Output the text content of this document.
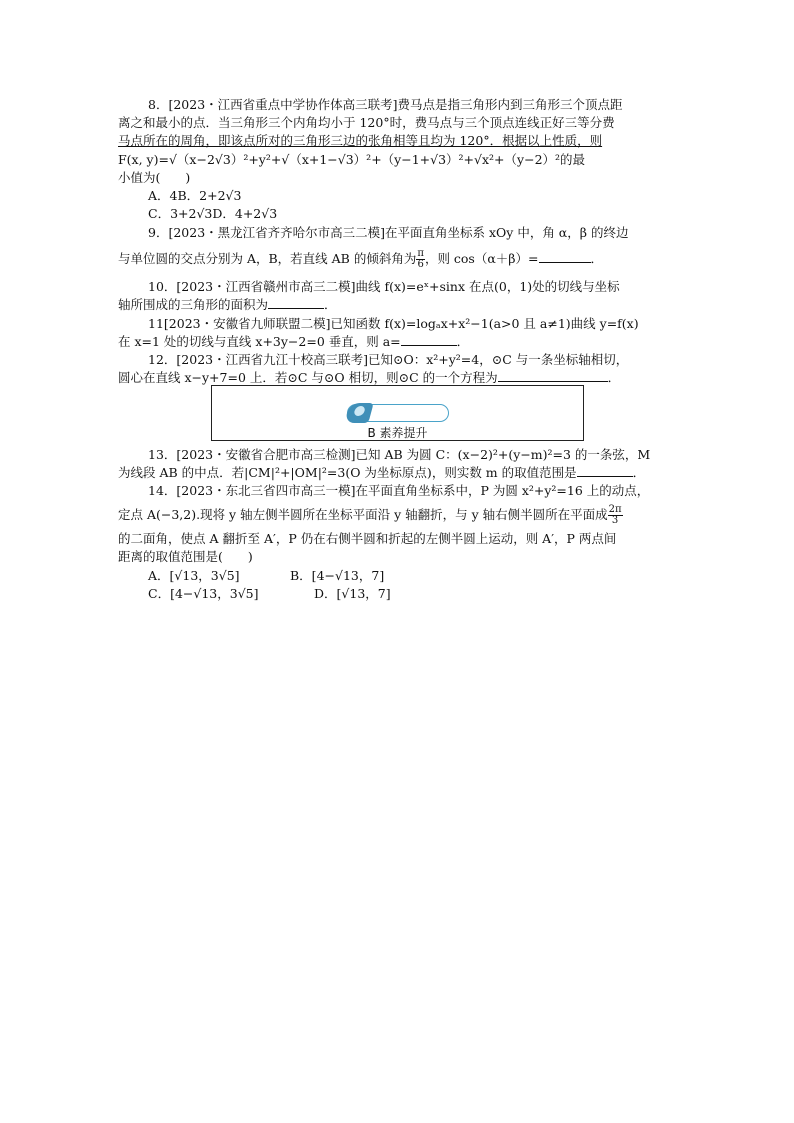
8．[2023・江西省重点中学协作体高三联考]费马点是指三角形内到三角形三个顶点距
离之和最小的点．当三角形三个内角均小于 120°时，费马点与三个顶点连线正好三等分费
马点所在的周角，即该点所对的三角形三边的张角相等且均为 120°．根据以上性质，则
F(x, y)=√（x−2√3）²+y²+√（x+1−√3）²+（y−1+√3）²+√x²+（y−2）²的最
小值为(　　)
A．4B．2+2√3
C．3+2√3D．4+2√3
9．[2023・黑龙江省齐齐哈尔市高三二模]在平面直角坐标系 xOy 中，角 α，β 的终边
与单位圆的交点分别为 A，B，若直线 AB 的倾斜角为 $\frac{\pi}{6}$ ，则 cos（α＋β）=	．
10．[2023・江西省赣州市高三二模]曲线 f(x)=eˣ+sinx 在点(0，1)处的切线与坐标
轴所围成的三角形的面积为	．
11[2023・安徽省九师联盟二模]已知函数 f(x)=logₐx+x²−1(a>0 且 a≠1)曲线 y=f(x)
在 x=1 处的切线与直线 x+3y−2=0 垂直，则 a=	．
12．[2023・江西省九江十校高三联考]已知⊙O：x²+y²=4，⊙C 与一条坐标轴相切，
圆心在直线 x−y+7=0 上．若⊙C 与⊙O 相切，则⊙C 的一个方程为	．
B 素养提升
13．[2023・安徽省合肥市高三检测]已知 AB 为圆 C：(x−2)²+(y−m)²=3 的一条弦，M
为线段 AB 的中点．若|CM|²+|OM|²=3(O 为坐标原点)，则实数 m 的取值范围是	．
14．[2023・东北三省四市高三一模]在平面直角坐标系中，P 为圆 x²+y²=16 上的动点，
定点 A(−3,2).现将 y 轴左侧半圆所在坐标平面沿 y 轴翻折，与 y 轴右侧半圆所在平面成 $\frac{2\pi}{3}$
的二面角，使点 A 翻折至 A′，P 仍在右侧半圆和折起的左侧半圆上运动，则 A′，P 两点间
距离的取值范围是(　　)
A．[√13，3√5]	B．[4−√13，7]
C．[4−√13，3√5]	D．[√13，7]
